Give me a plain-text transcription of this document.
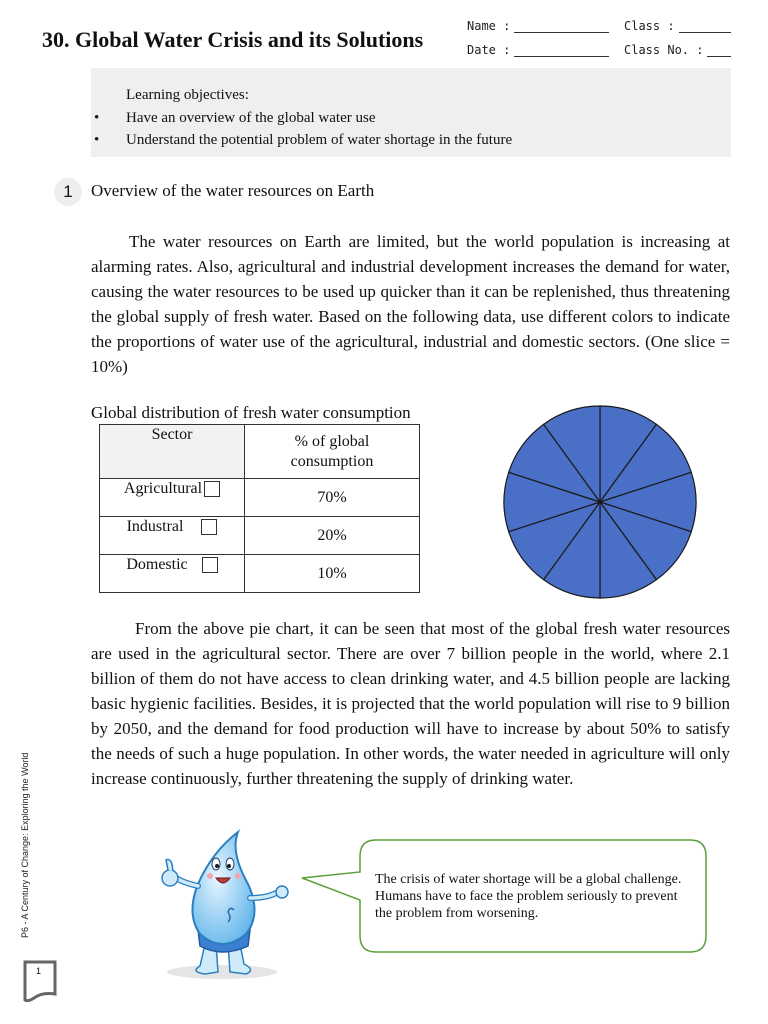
30. Global Water Crisis and its Solutions
Name :	Class :
Date :	Class No. :
Learning objectives:
• Have an overview of the global water use
• Understand the potential problem of water shortage in the future
1	Overview of the water resources on Earth
The water resources on Earth are limited, but the world population is increasing at alarming rates. Also, agricultural and industrial development increases the demand for water, causing the water resources to be used up quicker than it can be replenished, thus threatening the global supply of fresh water. Based on the following data, use different colors to indicate the proportions of water use of the agricultural, industrial and domestic sectors. (One slice = 10%)
Global distribution of fresh water consumption
Sector	% of global
consumption
Agricultural	70%
Industral	20%
Domestic	10%
From the above pie chart, it can be seen that most of the global fresh water resources are used in the agricultural sector. There are over 7 billion people in the world, where 2.1 billion of them do not have access to clean drinking water, and 4.5 billion people are lacking basic hygienic facilities. Besides, it is projected that the world population will rise to 9 billion by 2050, and the demand for food production will have to increase by about 50% to satisfy the needs of such a huge population. In other words, the water needed in agriculture will only increase continuously, further threatening the supply of drinking water.
The crisis of water shortage will be a global challenge. Humans have to face the problem seriously to prevent the problem from worsening.
P6 - A Century of Change: Exploring the World
1
